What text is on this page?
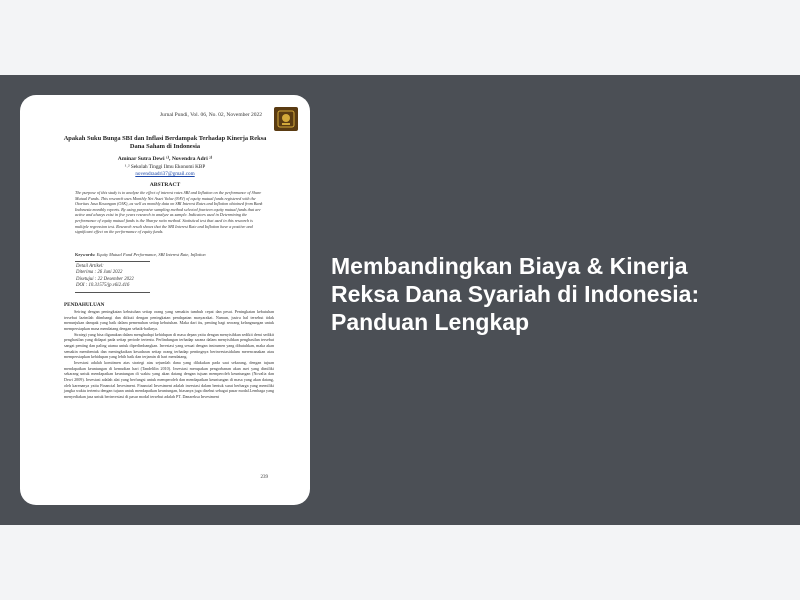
Jurnal Pundi, Vol. 06, No. 02, November 2022
Apakah Suku Bunga SBI dan Inflasi Berdampak Terhadap Kinerja Reksa Dana Saham di Indonesia
Aminar Sutra Dewi ¹⁾, Novendra Adri ²⁾
¹˒² Sekolah Tinggi Ilmu Ekonomi KBP
novendraadri37@gmail.com
ABSTRACT
The purpose of this study is to analyze the effect of interest rates SBI and Inflation on the performance of Share Mutual Funds. This research uses Monthly Net Asset Value (NAV) of equity mutual funds registered with the Otoritas Jasa Keuangan (OJK), as well as monthly data on SBI Interest Rates and Inflation obtained from Bank Indonesia monthly reports. By using purposive sampling method selected fourteen equity mutual funds that are active and always exist in five years research to analyze as sample. Indicators used in Determining the performance of equity mutual funds is the Sharpe ratio method. Statistical test that used in this research is multiple regression test. Research result shows that the SBI Interest Rate and Inflation have a positive and significant effect on the performance of equity funds.
Keywords: Equity Mutual Fund Performance, SBI Interest Rate, Inflation
Detail Artikel:
Diterima : 26 Juni 2022
Disetujui : 22 Desember 2022
DOI : 10.31575/jp.v6i2.416
PENDAHULUAN

Seiring dengan peningkatan kebutuhan setiap orang yang semakin tumbuh cepat dan pesat. Peningkatan kebutuhan tersebut lazimlah diimbangi dan diikuti dengan peningkatan pendapatan masyarakat. Namun, justru hal tersebut tidak menunjukan dampak yang baik dalam pemenuhan setiap kebutuhan. Maka dari itu, penting bagi seorang kelangsungan untuk mempersiapkan masa mendatang dengan sebaik-baiknya.

Strategi yang bisa digunakan dalam menghadapi kehidupan di masa depan yaitu dengan menyisihkan sedikit demi sedikit penghasilan yang didapat pada setiap periode tertentu. Perlindungan terhadap sarana dalam menyisihkan penghasilan tersebut sangat penting dan paling utama untuk diperlimbangkan. Investasi yang sesuai dengan instrumen yang dibutuhkan, maka akan semakin membentuk dan meningkatkan kesadaran setiap orang terhadap pentingnya berinvestasidalam merencanakan atau mempersiapkan kehidupan yang lebih baik dan terjamin di hari mendatang.

Investasi adalah komitmen atas strategi atas sejumlah dana yang dilakukan pada saat sekarang, dengan tujuan mendapatkan keuntungan di kemudian hari (Tandelilin 2010). Investasi merupakan pengorbanan akan aset yang dimiliki sekarang untuk mendapatkan keuntungan di waktu yang akan datang dengan tujuan memperoleh keuntungan (Novalia dan Dewi 2009). Investasi adalah alat yang berfungsi untuk memperoleh dan mendapatkan keuntungan di masa yang akan datang, oleh karenanya yaitu Financial Investment. Financial Investment adalah investasi dalam bentuk surat berharga yang memiliki jangka waktu tertentu dengan tujuan untuk mendapatkan keuntungan, biasanya juga disebut sebagai pasar modal.Lembaga yang menyediakan jasa untuk berinvestasi di pasar modal tersebut adalah PT. Danareksa Investment

239
Membandingkan Biaya & Kinerja
Reksa Dana Syariah di Indonesia:
Panduan Lengkap
